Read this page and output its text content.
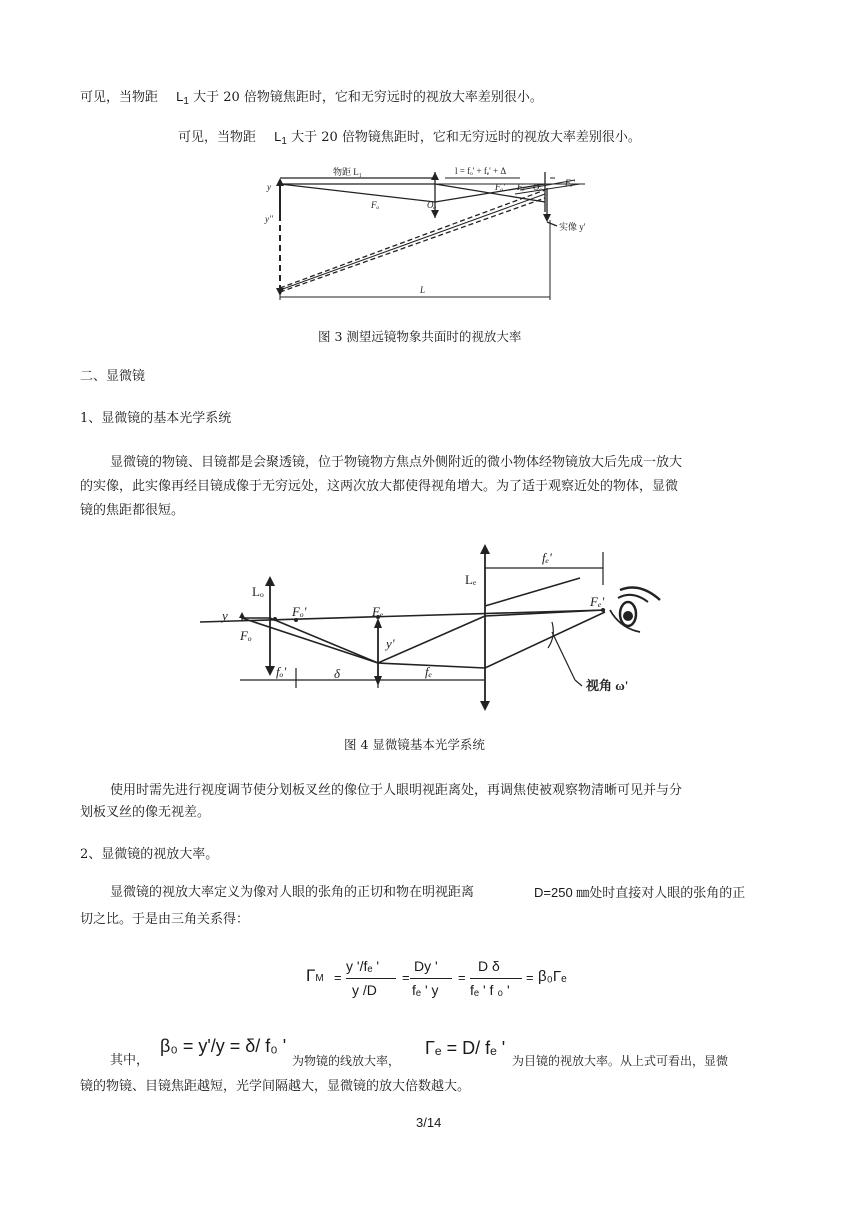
可见，当物距 $L_1$ 大于 20 倍物镜焦距时，它和无穷远时的视放大率差别很小。
可见，当物距 $L_1$ 大于 20 倍物镜焦距时，它和无穷远时的视放大率差别很小。
物距 L₁	l = fₒ' + fₑ' + Δ
y
y''
Fₒ	Oₒ
Fₒ' Fₑ Oₑ	Fₑ'
实像 y'
L
图 3 测望远镜物象共面时的视放大率
二、显微镜
1、显微镜的基本光学系统
显微镜的物镜、目镜都是会聚透镜，位于物镜物方焦点外侧附近的微小物体经物镜放大后先成一放大
的实像，此实像再经目镜成像于无穷远处，这两次放大都使得视角增大。为了适于观察近处的物体，显微
镜的焦距都很短。
Lₒ
Lₑ
fₑ'
y
Fₒ
Fₒ'	Fₑ
y'
Fₑ'
fₒ'	δ	fₑ
视角 ω'
图 4 显微镜基本光学系统
使用时需先进行视度调节使分划板叉丝的像位于人眼明视距离处，再调焦使被观察物清晰可见并与分
划板叉丝的像无视差。
2、显微镜的视放大率。
显微镜的视放大率定义为像对人眼的张角的正切和物在明视距离	D=250 ㎜处时直接对人眼的张角的正
切之比。于是由三角关系得：
ΓM =
y '/fₑ '
y /D
=
Dy '
fₑ ' y
=
D δ
fₑ ' f ₀ '
= β₀Γₑ
其中，
β₀ = y'/y = δ/ f₀ '
为物镜的线放大率，
Γₑ = D/ fₑ '
为目镜的视放大率。从上式可看出，显微
镜的物镜、目镜焦距越短，光学间隔越大，显微镜的放大倍数越大。
3/14
